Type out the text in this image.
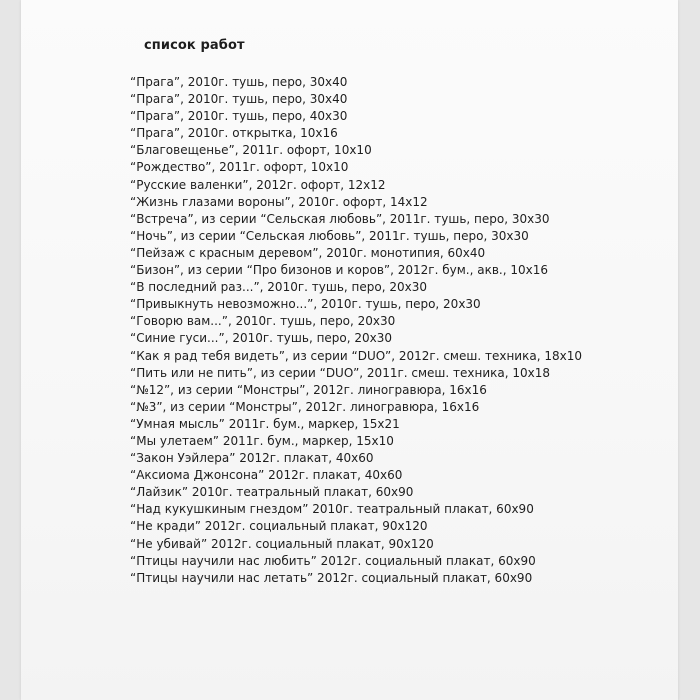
список работ
“Прага”, 2010г. тушь, перо, 30x40
“Прага”, 2010г. тушь, перо, 30x40
“Прага”, 2010г. тушь, перо, 40x30
“Прага”, 2010г. открытка, 10x16
“Благовещенье”, 2011г. офорт, 10x10
“Рождество”, 2011г. офорт, 10x10
“Русские валенки”, 2012г. офорт, 12x12
“Жизнь глазами вороны”, 2010г. офорт, 14x12
“Встреча”, из серии “Сельская любовь”, 2011г. тушь, перо, 30x30
“Ночь”, из серии “Сельская любовь”, 2011г. тушь, перо, 30x30
“Пейзаж с красным деревом”, 2010г. монотипия, 60x40
“Бизон”, из серии “Про бизонов и коров”, 2012г. бум., акв., 10x16
“В последний раз...”, 2010г. тушь, перо, 20x30
“Привыкнуть невозможно...”, 2010г. тушь, перо, 20x30
“Говорю вам...”, 2010г. тушь, перо, 20x30
“Синие гуси...”, 2010г. тушь, перо, 20x30
“Как я рад тебя видеть”, из серии “DUO”, 2012г. смеш. техника, 18x10
“Пить или не пить”, из серии “DUO”, 2011г. смеш. техника, 10x18
“№12”, из серии “Монстры”, 2012г. линогравюра, 16x16
“№3”, из серии “Монстры”, 2012г. линогравюра, 16x16
“Умная мысль” 2011г. бум., маркер, 15x21
“Мы улетаем” 2011г. бум., маркер, 15x10
“Закон Уэйлера” 2012г. плакат, 40x60
“Аксиома Джонсона” 2012г. плакат, 40x60
“Лайзик” 2010г. театральный плакат, 60x90
“Над кукушкиным гнездом” 2010г. театральный плакат, 60x90
“Не кради” 2012г. социальный плакат, 90x120
“Не убивай” 2012г. социальный плакат, 90x120
“Птицы научили нас любить” 2012г. социальный плакат, 60x90
“Птицы научили нас летать” 2012г. социальный плакат, 60x90
